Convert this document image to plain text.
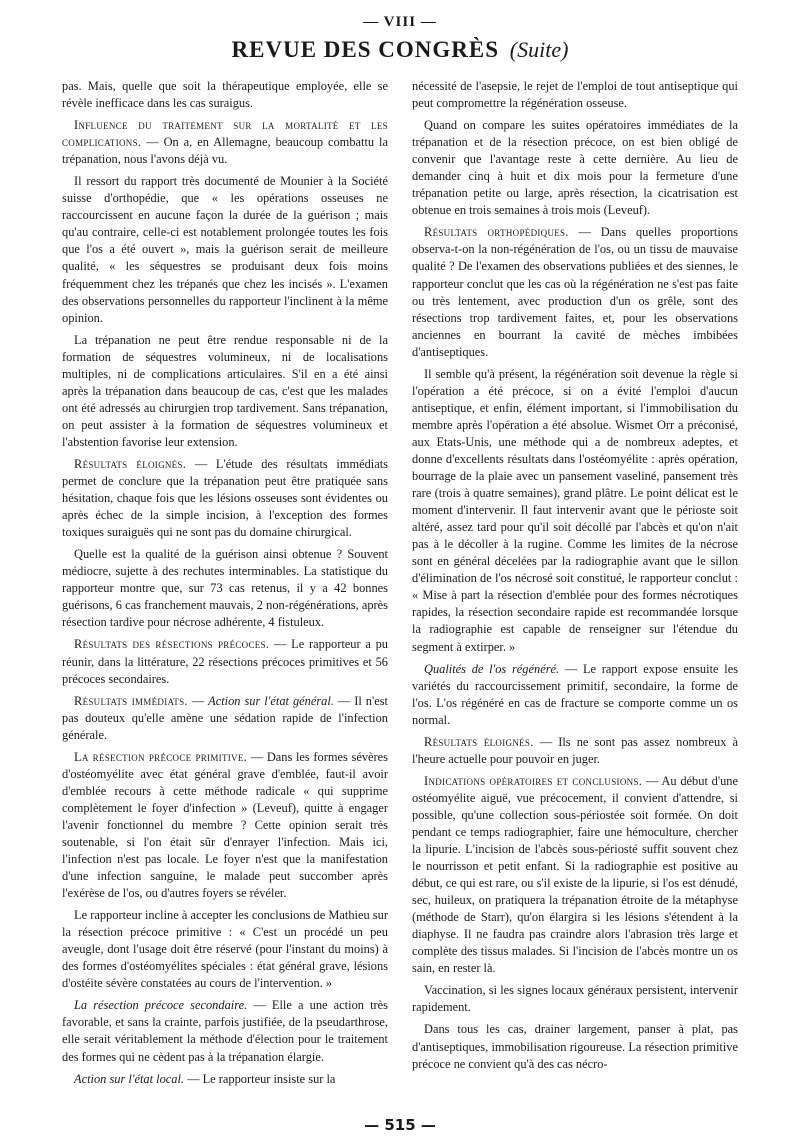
— VIII —
REVUE DES CONGRÈS (Suite)

pas. Mais, quelle que soit la thérapeutique employée, elle se révèle inefficace dans les cas suraigus.

Influence du traitement sur la mortalité et les complications. — On a, en Allemagne, beaucoup combattu la trépanation, nous l'avons déjà vu.

Il ressort du rapport très documenté de Mounier à la Société suisse d'orthopédie, que « les opérations osseuses ne raccourcissent en aucune façon la durée de la guérison ; mais qu'au contraire, celle-ci est notablement prolongée toutes les fois que l'os a été ouvert », mais la guérison serait de meilleure qualité, « les séquestres se produisant deux fois moins fréquemment chez les trépanés que chez les incisés ». L'examen des observations personnelles du rapporteur l'inclinent à la même opinion.

La trépanation ne peut être rendue responsable ni de la formation de séquestres volumineux, ni de localisations multiples, ni de complications articulaires. S'il en a été ainsi après la trépanation dans beaucoup de cas, c'est que les malades ont été adressés au chirurgien trop tardivement. Sans trépanation, on peut assister à la formation de séquestres volumineux et l'abstention favorise leur extension.

Résultats éloignés. — L'étude des résultats immédiats permet de conclure que la trépanation peut être pratiquée sans hésitation, chaque fois que les lésions osseuses sont évidentes ou après échec de la simple incision, à l'exception des formes toxiques suraiguës qui ne sont pas du domaine chirurgical.

Quelle est la qualité de la guérison ainsi obtenue ? Souvent médiocre, sujette à des rechutes interminables. La statistique du rapporteur montre que, sur 73 cas retenus, il y a 42 bonnes guérisons, 6 cas franchement mauvais, 2 non-régénérations, après résection tardive pour nécrose adhérente, 4 fistuleux.

Résultats des résections précoces. — Le rapporteur a pu réunir, dans la littérature, 22 résections précoces primitives et 56 précoces secondaires.

Résultats immédiats. — Action sur l'état général. — Il n'est pas douteux qu'elle amène une sédation rapide de l'infection générale.

La résection précoce primitive. — Dans les formes sévères d'ostéomyélite avec état général grave d'emblée, faut-il avoir d'emblée recours à cette méthode radicale « qui supprime complètement le foyer d'infection » (Leveuf), quitte à engager l'avenir fonctionnel du membre ? Cette opinion serait très soutenable, si l'on était sûr d'enrayer l'infection. Mais ici, l'infection n'est pas locale. Le foyer n'est que la manifestation d'une infection sanguine, le malade peut succomber après l'exérèse de l'os, ou d'autres foyers se révéler.

Le rapporteur incline à accepter les conclusions de Mathieu sur la résection précoce primitive : « C'est un procédé un peu aveugle, dont l'usage doit être réservé (pour l'instant du moins) à des formes d'ostéomyélites spéciales : état général grave, lésions d'ostéite sévère constatées au cours de l'intervention. »

La résection précoce secondaire. — Elle a une action très favorable, et sans la crainte, parfois justifiée, de la pseudarthrose, elle serait véritablement la méthode d'élection pour le traitement des formes qui ne cèdent pas à la trépanation élargie.

Action sur l'état local. — Le rapporteur insiste sur la

nécessité de l'asepsie, le rejet de l'emploi de tout antiseptique qui peut compromettre la régénération osseuse.

Quand on compare les suites opératoires immédiates de la trépanation et de la résection précoce, on est bien obligé de convenir que l'avantage reste à cette dernière. Au lieu de demander cinq à huit et dix mois pour la fermeture d'une trépanation petite ou large, après résection, la cicatrisation est obtenue en trois semaines à trois mois (Leveuf).

Résultats orthopédiques. — Dans quelles proportions observa-t-on la non-régénération de l'os, ou un tissu de mauvaise qualité ? De l'examen des observations publiées et des siennes, le rapporteur conclut que les cas où la régénération ne s'est pas faite ou très lentement, avec production d'un os grêle, sont des résections trop tardivement faites, et, pour les observations anciennes en bourrant la cavité de mèches imbibées d'antiseptiques.

Il semble qu'à présent, la régénération soit devenue la règle si l'opération a été précoce, si on a évité l'emploi d'aucun antiseptique, et enfin, élément important, si l'immobilisation du membre après l'opération a été absolue. Wismet Orr a préconisé, aux Etats-Unis, une méthode qui a de nombreux adeptes, et donne d'excellents résultats dans l'ostéomyélite : après opération, bourrage de la plaie avec un pansement vaseliné, pansement très rare (trois à quatre semaines), grand plâtre. Le point délicat est le moment d'intervenir. Il faut intervenir avant que le périoste soit altéré, assez tard pour qu'il soit décollé par l'abcès et qu'on n'ait pas à le décoller à la rugine. Comme les limites de la nécrose sont en général décelées par la radiographie avant que le sillon d'élimination de l'os nécrosé soit constitué, le rapporteur conclut : « Mise à part la résection d'emblée pour des formes nécrotiques rapides, la résection secondaire rapide est recommandée lorsque la radiographie est capable de renseigner sur l'étendue du segment à extirper. »

Qualités de l'os régénéré. — Le rapport expose ensuite les variétés du raccourcissement primitif, secondaire, la forme de l'os. L'os régénéré en cas de fracture se comporte comme un os normal.

Résultats éloignés. — Ils ne sont pas assez nombreux à l'heure actuelle pour pouvoir en juger.

Indications opératoires et conclusions. — Au début d'une ostéomyélite aiguë, vue précocement, il convient d'attendre, si possible, qu'une collection sous-périostée soit formée. On doit pendant ce temps radiographier, faire une hémoculture, chercher la lipurie. L'incision de l'abcès sous-périosté suffit souvent chez le nourrisson et petit enfant. Si la radiographie est positive au début, ce qui est rare, ou s'il existe de la lipurie, si l'os est dénudé, sec, huileux, on pratiquera la trépanation étroite de la métaphyse (méthode de Starr), qu'on élargira si les lésions s'étendent à la diaphyse. Il ne faudra pas craindre alors l'abrasion très large et complète des tissus malades. Si l'incision de l'abcès montre un os sain, en rester là.

Vaccination, si les signes locaux généraux persistent, intervenir rapidement.

Dans tous les cas, drainer largement, panser à plat, pas d'antiseptiques, immobilisation rigoureuse. La résection primitive précoce ne convient qu'à des cas nécro-

— 515 —
